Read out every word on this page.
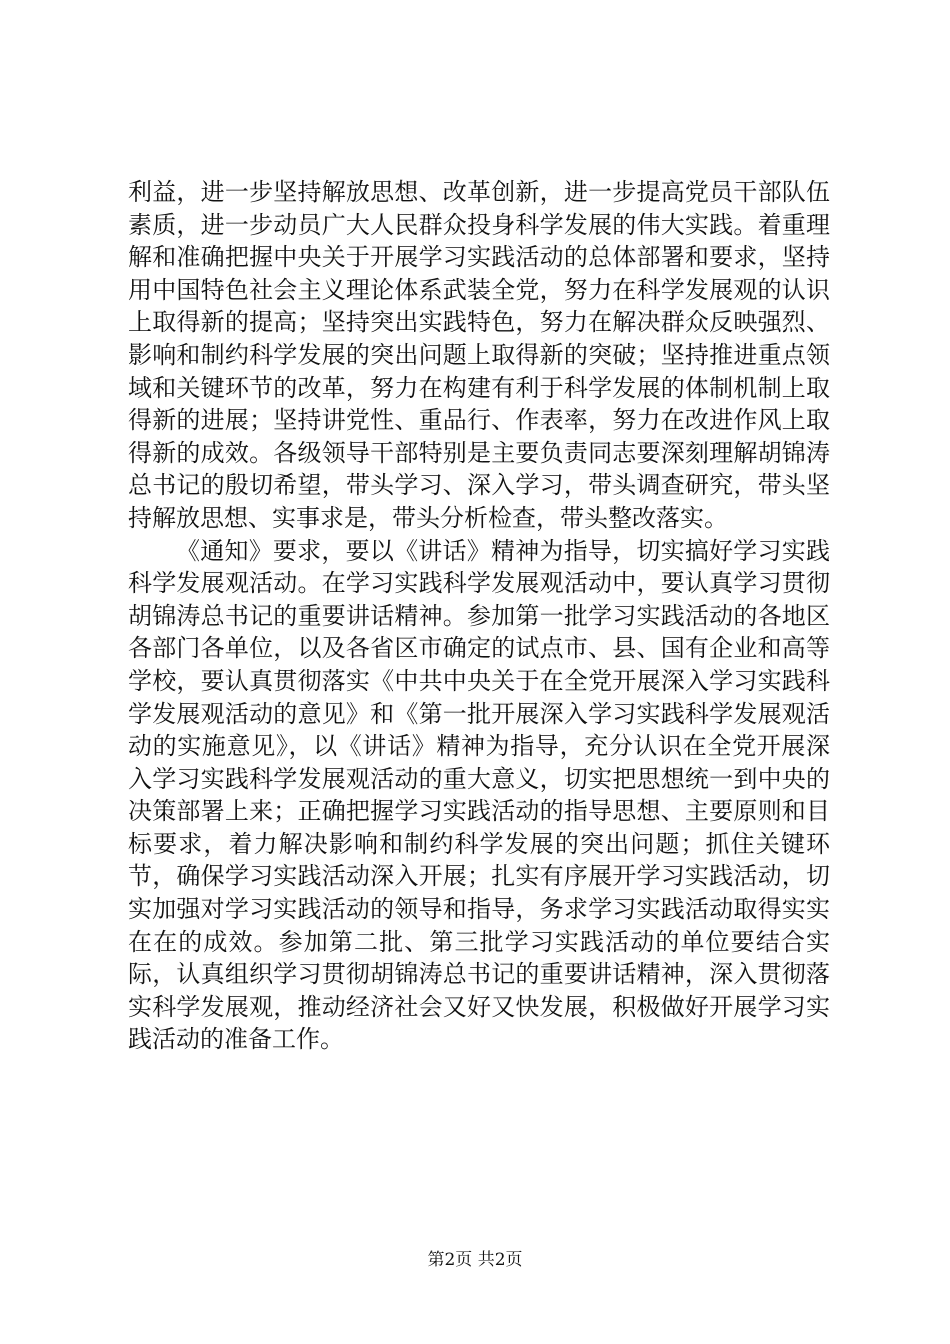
利益，进一步坚持解放思想、改革创新，进一步提高党员干部队伍素质，进一步动员广大人民群众投身科学发展的伟大实践。着重理解和准确把握中央关于开展学习实践活动的总体部署和要求，坚持用中国特色社会主义理论体系武装全党，努力在科学发展观的认识上取得新的提高；坚持突出实践特色，努力在解决群众反映强烈、影响和制约科学发展的突出问题上取得新的突破；坚持推进重点领域和关键环节的改革，努力在构建有利于科学发展的体制机制上取得新的进展；坚持讲党性、重品行、作表率，努力在改进作风上取得新的成效。各级领导干部特别是主要负责同志要深刻理解胡锦涛总书记的殷切希望，带头学习、深入学习，带头调查研究，带头坚持解放思想、实事求是，带头分析检查，带头整改落实。

《通知》要求，要以《讲话》精神为指导，切实搞好学习实践科学发展观活动。在学习实践科学发展观活动中，要认真学习贯彻胡锦涛总书记的重要讲话精神。参加第一批学习实践活动的各地区各部门各单位，以及各省区市确定的试点市、县、国有企业和高等学校，要认真贯彻落实《中共中央关于在全党开展深入学习实践科学发展观活动的意见》和《第一批开展深入学习实践科学发展观活动的实施意见》，以《讲话》精神为指导，充分认识在全党开展深入学习实践科学发展观活动的重大意义，切实把思想统一到中央的决策部署上来；正确把握学习实践活动的指导思想、主要原则和目标要求，着力解决影响和制约科学发展的突出问题；抓住关键环节，确保学习实践活动深入开展；扎实有序展开学习实践活动，切实加强对学习实践活动的领导和指导，务求学习实践活动取得实实在在的成效。参加第二批、第三批学习实践活动的单位要结合实际，认真组织学习贯彻胡锦涛总书记的重要讲话精神，深入贯彻落实科学发展观，推动经济社会又好又快发展，积极做好开展学习实践活动的准备工作。

第2页 共2页
